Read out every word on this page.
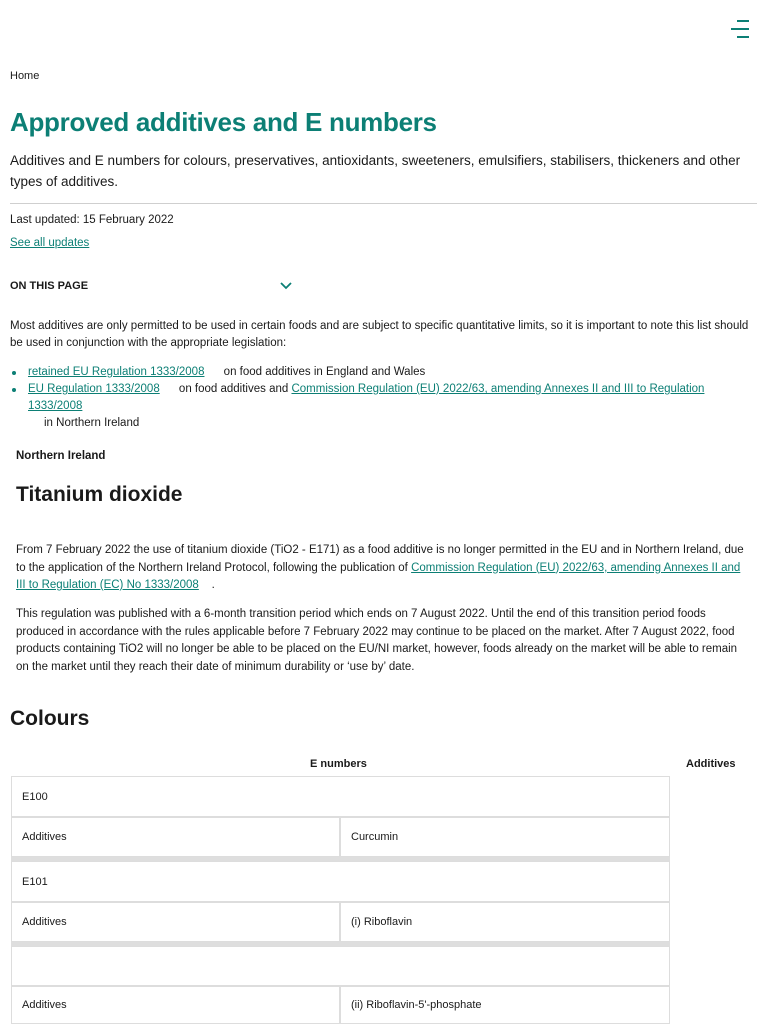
Home
Approved additives and E numbers

Additives and E numbers for colours, preservatives, antioxidants, sweeteners, emulsifiers, stabilisers, thickeners and other types of additives.

Last updated: 15 February 2022
See all updates
ON THIS PAGE

Most additives are only permitted to be used in certain foods and are subject to specific quantitative limits, so it is important to note this list should be used in conjunction with the appropriate legislation:

retained EU Regulation 1333/2008 on food additives in England and Wales
EU Regulation 1333/2008 on food additives and Commission Regulation (EU) 2022/63, amending Annexes II and III to Regulation 1333/2008
in Northern Ireland
Northern Ireland
Titanium dioxide

From 7 February 2022 the use of titanium dioxide (TiO2 - E171) as a food additive is no longer permitted in the EU and in Northern Ireland, due to the application of the Northern Ireland Protocol, following the publication of Commission Regulation (EU) 2022/63, amending Annexes II and III to Regulation (EC) No 1333/2008 .

This regulation was published with a 6-month transition period which ends on 7 August 2022. Until the end of this transition period foods produced in accordance with the rules applicable before 7 February 2022 may continue to be placed on the market. After 7 August 2022, food products containing TiO2 will no longer be able to be placed on the EU/NI market, however, foods already on the market will be able to remain on the market until they reach their date of minimum durability or ‘use by’ date.

Colours
E numbers	Additives
E100
Additives	Curcumin
E101
Additives	(i) Riboflavin
Additives	(ii) Riboflavin-5'-phosphate
